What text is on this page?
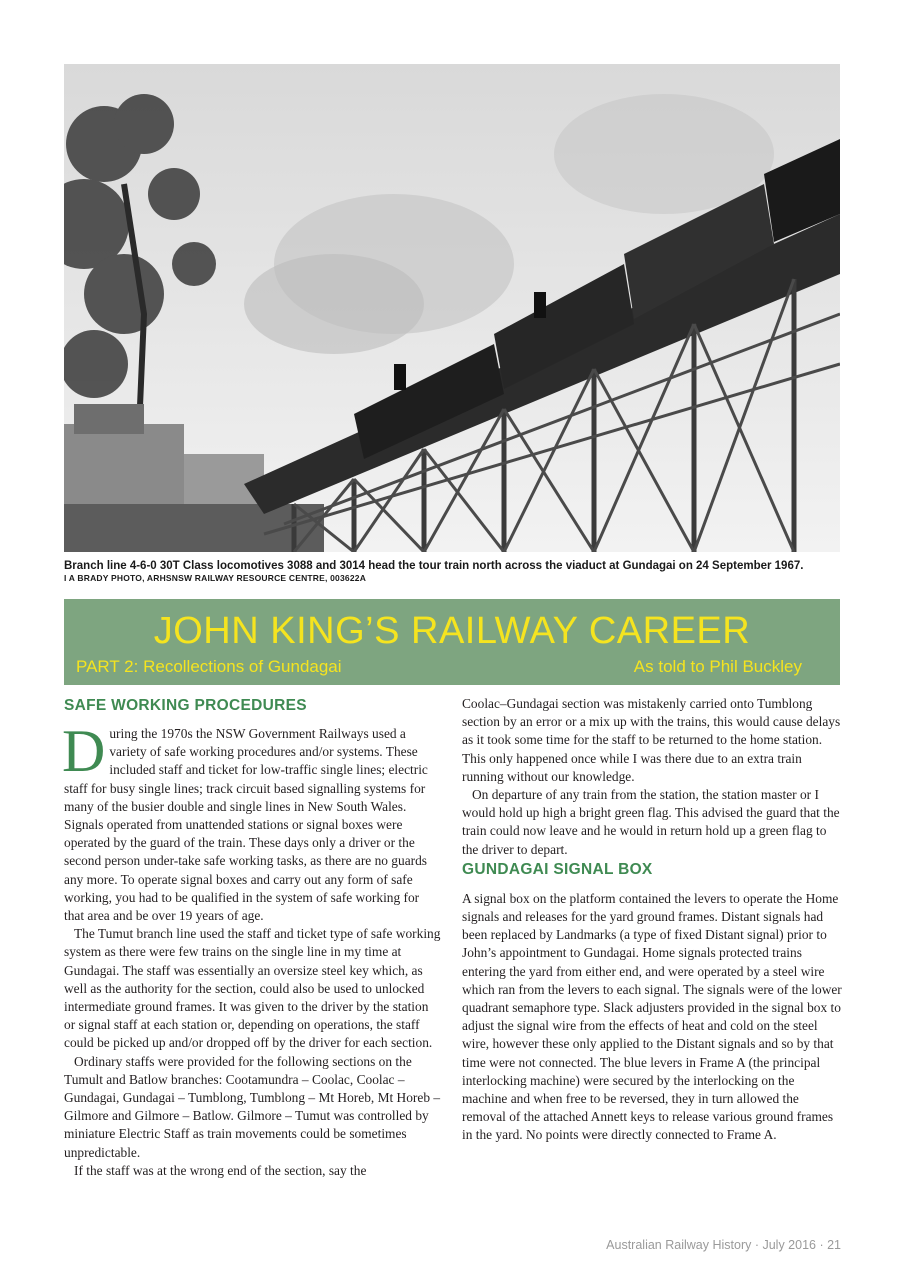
Branch line 4-6-0 30T Class locomotives 3088 and 3014 head the tour train north across the viaduct at Gundagai on 24 September 1967.
I A BRADY PHOTO, ARHSNSW RAILWAY RESOURCE CENTRE, 003622A
JOHN KING’S RAILWAY CAREER
PART 2: Recollections of Gundagai	As told to Phil Buckley
SAFE WORKING PROCEDURES

During the 1970s the NSW Government Railways used a variety of safe working procedures and/or systems. These included staff and ticket for low-traffic single lines; electric staff for busy single lines; track circuit based signalling systems for many of the busier double and single lines in New South Wales. Signals operated from unattended stations or signal boxes were operated by the guard of the train. These days only a driver or the second person under-take safe working tasks, as there are no guards any more. To operate signal boxes and carry out any form of safe working, you had to be qualified in the system of safe working for that area and be over 19 years of age.

The Tumut branch line used the staff and ticket type of safe working system as there were few trains on the single line in my time at Gundagai. The staff was essentially an oversize steel key which, as well as the authority for the section, could also be used to unlocked intermediate ground frames. It was given to the driver by the station or signal staff at each station or, depending on operations, the staff could be picked up and/or dropped off by the driver for each section.

Ordinary staffs were provided for the following sections on the Tumult and Batlow branches: Cootamundra – Coolac, Coolac – Gundagai, Gundagai – Tumblong, Tumblong – Mt Horeb, Mt Horeb – Gilmore and Gilmore – Batlow. Gilmore – Tumut was controlled by miniature Electric Staff as train movements could be sometimes unpredictable.

If the staff was at the wrong end of the section, say the

Coolac–Gundagai section was mistakenly carried onto Tumblong section by an error or a mix up with the trains, this would cause delays as it took some time for the staff to be returned to the home station. This only happened once while I was there due to an extra train running without our knowledge.

On departure of any train from the station, the station master or I would hold up high a bright green flag. This advised the guard that the train could now leave and he would in return hold up a green flag to the driver to depart.

GUNDAGAI SIGNAL BOX

A signal box on the platform contained the levers to operate the Home signals and releases for the yard ground frames. Distant signals had been replaced by Landmarks (a type of fixed Distant signal) prior to John’s appointment to Gundagai. Home signals protected trains entering the yard from either end, and were operated by a steel wire which ran from the levers to each signal. The signals were of the lower quadrant semaphore type. Slack adjusters provided in the signal box to adjust the signal wire from the effects of heat and cold on the steel wire, however these only applied to the Distant signals and so by that time were not connected. The blue levers in Frame A (the principal interlocking machine) were secured by the interlocking on the machine and when free to be reversed, they in turn allowed the removal of the attached Annett keys to release various ground frames in the yard. No points were directly connected to Frame A.

Australian Railway History · July 2016 · 21
